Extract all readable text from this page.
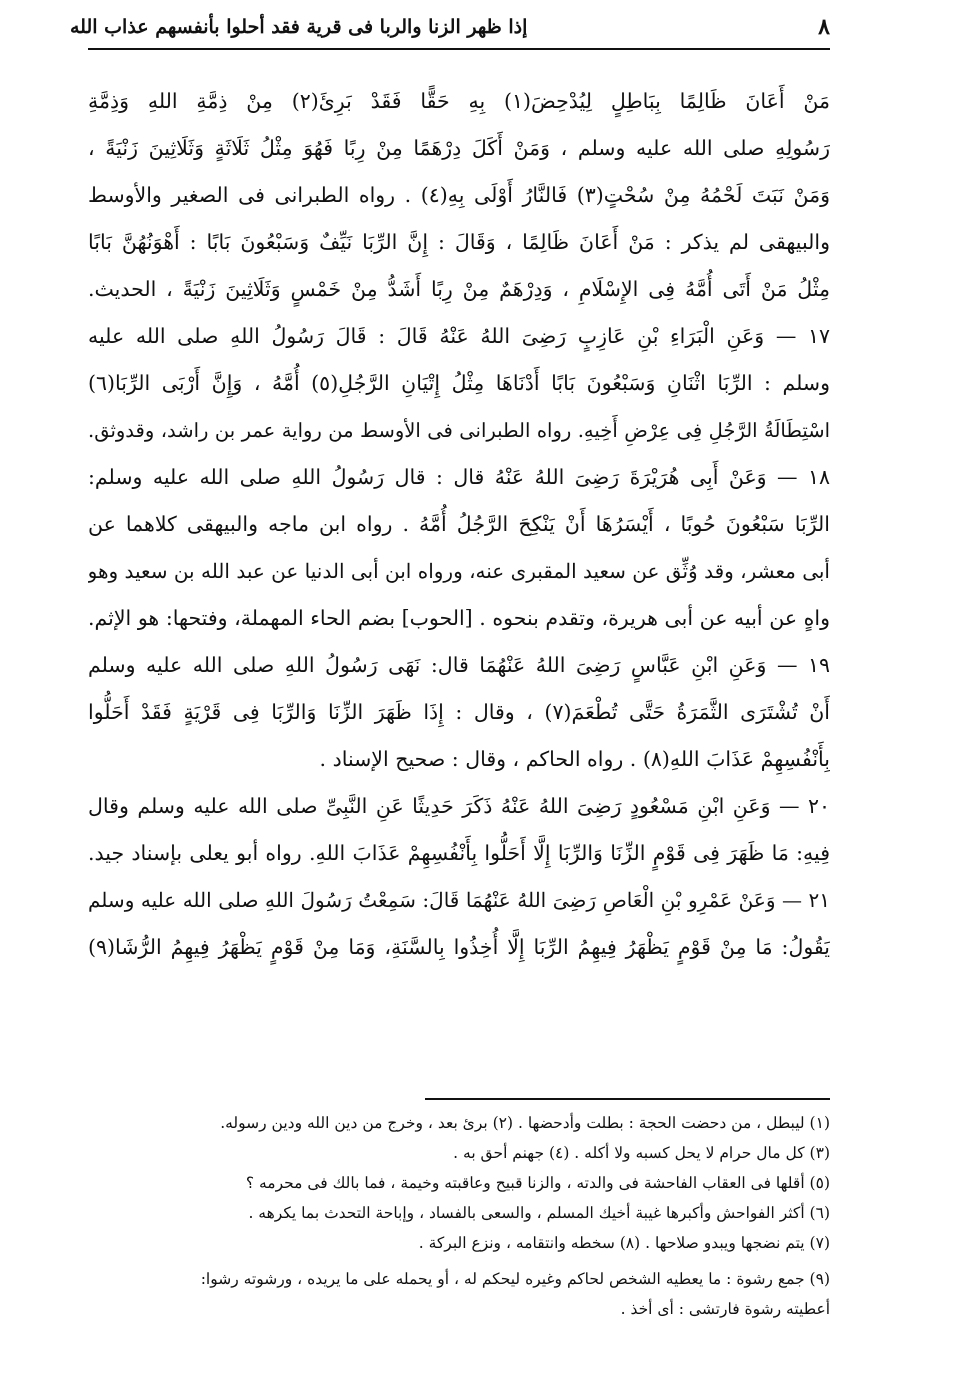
٨
إذا ظهر الزنا والربا فى قرية فقد أحلوا بأنفسهم عذاب الله
مَنْ أَعَانَ ظَالِمًا بِبَاطِلٍ لِيُدْحِضَ(١) بِهِ حَقًّا فَقَدْ بَرِئَ(٢) مِنْ ذِمَّةِ اللهِ وَذِمَّةِ
رَسُولِهِ صلى الله عليه وسلم ، وَمَنْ أَكَلَ دِرْهَمًا مِنْ رِبًا فَهُوَ مِثْلُ ثَلَاثَةٍ وَثَلَاثِينَ زَنْيَةً ،
وَمَنْ نَبَتَ لَحْمُهُ مِنْ سُحْتٍ(٣) فَالنَّارُ أَوْلَى بِهِ(٤) . رواه الطبرانى فى الصغير والأوسط
والبيهقى لم يذكر : مَنْ أَعَانَ ظَالِمًا ، وَقَالَ : إِنَّ الرِّبَا نَيِّفٌ وَسَبْعُونَ بَابًا : أَهْوَنُهُنَّ بَابًا
مِثْلُ مَنْ أَتَى أُمَّهُ فِى الإِسْلَامِ ، وَدِرْهَمٌ مِنْ رِبًا أَشَدُّ مِنْ خَمْسٍ وَثَلَاثِينَ زَنْيَةً ، الحديث.
١٧ — وَعَنِ الْبَرَاءِ بْنِ عَازِبٍ رَضِىَ اللهُ عَنْهُ قَالَ : قَالَ رَسُولُ اللهِ صلى الله عليه
وسلم : الرِّبَا اثْنَانِ وَسَبْعُونَ بَابًا أَدْنَاهَا مِثْلُ إِتْيَانِ الرَّجُلِ(٥) أُمَّهُ ، وَإِنَّ أَرْبَى الرِّبَا(٦)
اسْتِطَالَةُ الرَّجُلِ فِى عِرْضِ أَخِيهِ. رواه الطبرانى فى الأوسط من رواية عمر بن راشد، وقدوثق.
١٨ — وَعَنْ أَبِى هُرَيْرَةَ رَضِىَ اللهُ عَنْهُ قال : قال رَسُولُ اللهِ صلى الله عليه وسلم:
الرِّبَا سَبْعُونَ حُوبًا ، أَيْسَرُهَا أَنْ يَنْكِحَ الرَّجُلُ أُمَّهُ . رواه ابن ماجه والبيهقى كلاهما عن
أبى معشر، وقد وُثِّق عن سعيد المقبرى عنه، ورواه ابن أبى الدنيا عن عبد الله بن سعيد وهو
واهٍ عن أبيه عن أبى هريرة، وتقدم بنحوه . [الحوب] بضم الحاء المهملة، وفتحها: هو الإثم.
١٩ — وَعَنِ ابْنِ عَبَّاسٍ رَضِىَ اللهُ عَنْهُمَا قال: نَهَى رَسُولُ اللهِ صلى الله عليه وسلم
أَنْ تُشْتَرَى الثَّمَرَةُ حَتَّى تُطْعَمَ(٧) ، وقال : إِذَا ظَهَرَ الزِّنَا وَالرِّبَا فِى قَرْيَةٍ فَقَدْ أَحَلُّوا
بِأَنْفُسِهِمْ عَذَابَ اللهِ(٨) . رواه الحاكم ، وقال : صحيح الإسناد .
٢٠ — وَعَنِ ابْنِ مَسْعُودٍ رَضِىَ اللهُ عَنْهُ ذَكَرَ حَدِيثًا عَنِ النَّبِىِّ صلى الله عليه وسلم وقال
فِيهِ: مَا ظَهَرَ فِى قَوْمٍ الزِّنَا وَالرِّبَا إِلَّا أَحَلُّوا بِأَنْفُسِهِمْ عَذَابَ اللهِ. رواه أبو يعلى بإسناد جيد.
٢١ — وَعَنْ عَمْرِو بْنِ الْعَاصِ رَضِىَ اللهُ عَنْهُمَا قَالَ: سَمِعْتُ رَسُولَ اللهِ صلى الله عليه وسلم
يَقُولُ: مَا مِنْ قَوْمٍ يَظْهَرُ فِيهِمُ الرِّبَا إِلَّا أُخِذُوا بِالسَّنَةِ، وَمَا مِنْ قَوْمٍ يَظْهَرُ فِيهِمُ الرُّشَا(٩)
(١) ليبطل ، من دحضت الحجة : بطلت وأدحضها . (٢) برئ بعد ، وخرج من دين الله ودين رسوله.
(٣) كل مال حرام لا يحل كسبه ولا أكله . (٤) جهنم أحق به .
(٥) أقلها فى العقاب الفاحشة فى والدته ، والزنا قبيح وعاقبته وخيمة ، فما بالك فى محرمه ؟
(٦) أكثر الفواحش وأكبرها غيبة أخيك المسلم ، والسعى بالفساد ، وإباحة التحدث بما يكرهه .
(٧) يتم نضجها ويبدو صلاحها . (٨) سخطه وانتقامه ، ونزع البركة .
(٩) جمع رشوة : ما يعطيه الشخص لحاكم وغيره ليحكم له ، أو يحمله على ما يريده ، ورشوته رشوا:
أعطيته رشوة فارتشى : أى أخذ .
